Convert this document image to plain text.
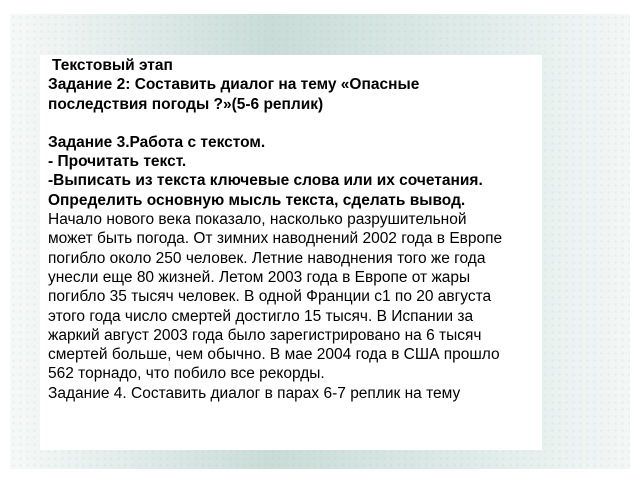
Текстовый этап
Задание 2: Составить диалог на тему «Опасные
последствия погоды ?»(5-6 реплик)
Задание 3.Работа с текстом.
- Прочитать текст.
-Выписать из текста ключевые слова или их сочетания.
Определить основную мысль текста, сделать вывод.
Начало нового века показало, насколько разрушительной
может быть погода. От зимних наводнений 2002 года в Европе
погибло около 250 человек. Летние наводнения того же года
унесли еще 80 жизней. Летом 2003 года в Европе от жары
погибло 35 тысяч человек. В одной Франции с1 по 20 августа
этого года число смертей достигло 15 тысяч. В Испании за
жаркий август 2003 года было зарегистрировано на 6 тысяч
смертей больше, чем обычно. В мае 2004 года в США прошло
562 торнадо, что побило все рекорды.
Задание 4. Составить диалог в парах 6-7 реплик на тему
